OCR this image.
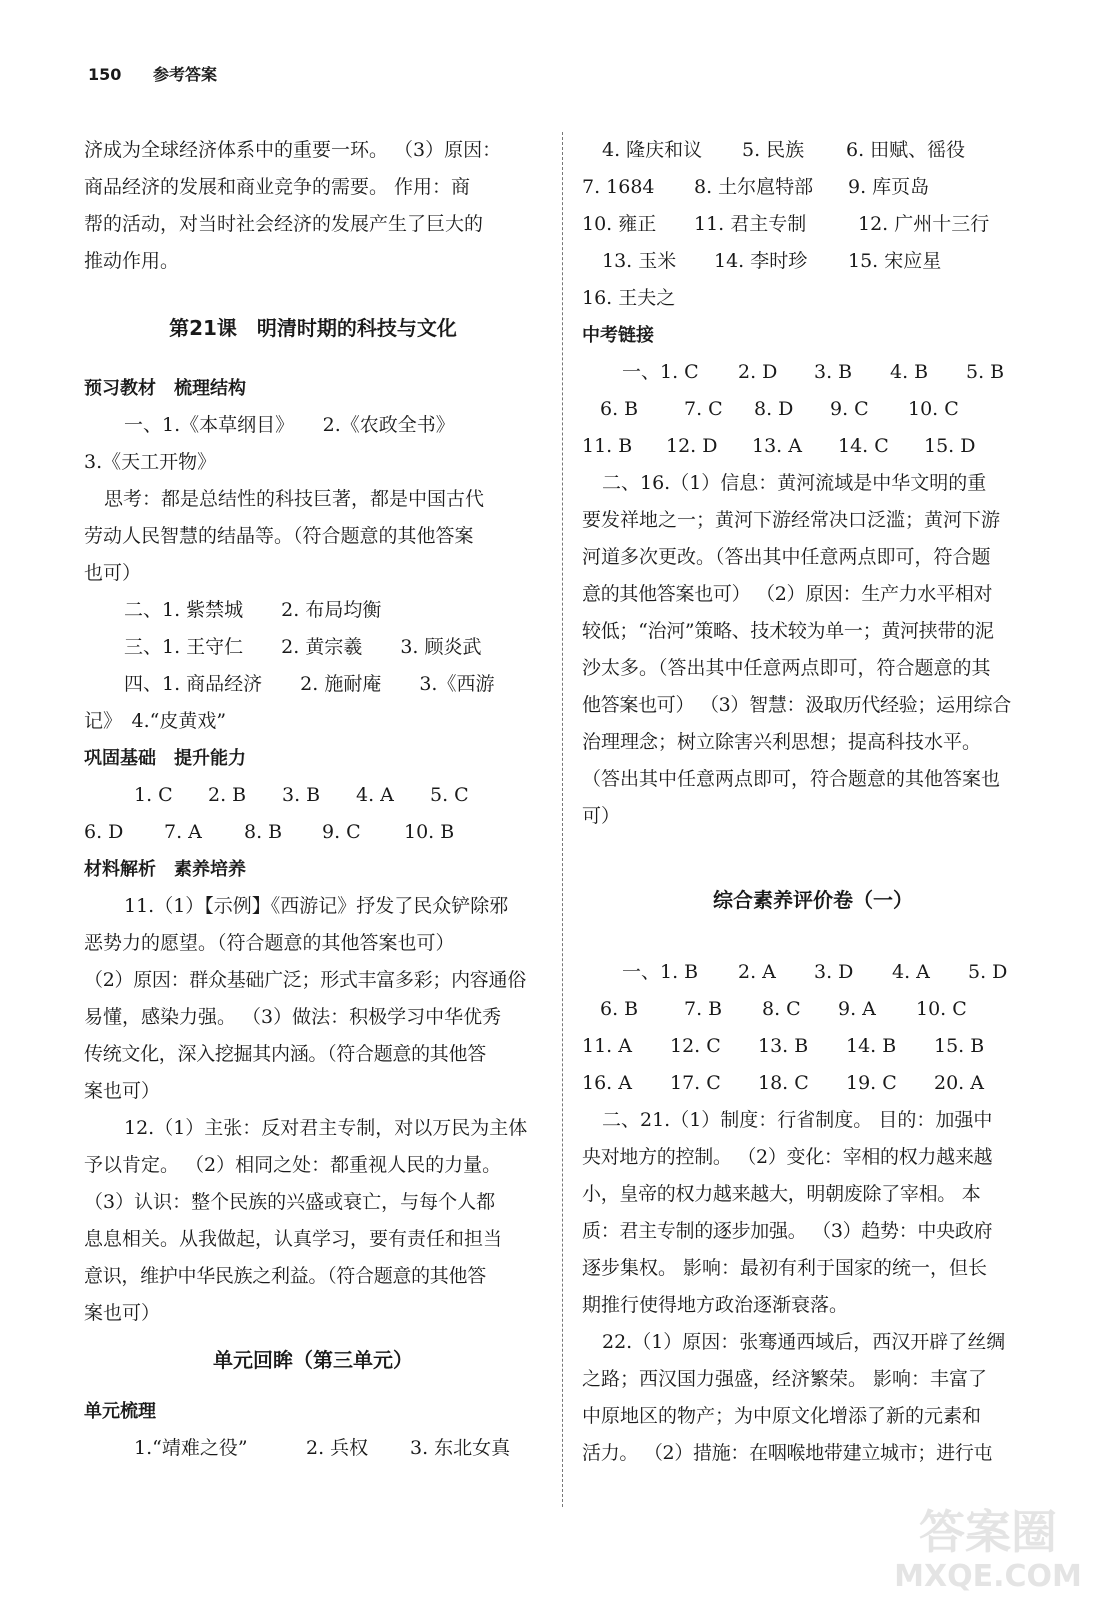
150 参考答案
济成为全球经济体系中的重要一环。 （3）原因：
商品经济的发展和商业竞争的需要。 作用：商
帮的活动，对当时社会经济的发展产生了巨大的
推动作用。
第21课　明清时期的科技与文化
预习教材　梳理结构
一、1.《本草纲目》　　2.《农政全书》
3.《天工开物》
思考：都是总结性的科技巨著，都是中国古代
劳动人民智慧的结晶等。（符合题意的其他答案
也可）
二、1. 紫禁城　　2. 布局均衡
三、1. 王守仁　　2. 黄宗羲　　3. 顾炎武
四、1. 商品经济　　2. 施耐庵　　3.《西游
记》　4.“皮黄戏”
巩固基础　提升能力
1. C 2. B 3. B 4. A 5. C
6. D 7. A 8. B 9. C 10. B
材料解析　素养培养
11.（1）【示例】《西游记》抒发了民众铲除邪
恶势力的愿望。（符合题意的其他答案也可）
（2）原因：群众基础广泛；形式丰富多彩；内容通俗
易懂，感染力强。 （3）做法：积极学习中华优秀
传统文化，深入挖掘其内涵。（符合题意的其他答
案也可）
12.（1）主张：反对君主专制，对以万民为主体
予以肯定。 （2）相同之处：都重视人民的力量。
（3）认识：整个民族的兴盛或衰亡，与每个人都
息息相关。从我做起，认真学习，要有责任和担当
意识，维护中华民族之利益。（符合题意的其他答
案也可）
单元回眸（第三单元）
单元梳理
1.“靖难之役”	2. 兵权 3. 东北女真
4. 隆庆和议 5. 民族 6. 田赋、徭役
7. 1684 8. 土尔扈特部 9. 库页岛
10. 雍正 11. 君主专制	12. 广州十三行
13. 玉米 14. 李时珍 15. 宋应星
16. 王夫之
中考链接
一、1. C 2. D 3. B 4. B 5. B
6. B 7. C 8. D 9. C 10. C
11. B 12. D 13. A 14. C 15. D
二、16.（1）信息：黄河流域是中华文明的重
要发祥地之一；黄河下游经常决口泛滥；黄河下游
河道多次更改。（答出其中任意两点即可，符合题
意的其他答案也可） （2）原因：生产力水平相对
较低；“治河”策略、技术较为单一；黄河挟带的泥
沙太多。（答出其中任意两点即可，符合题意的其
他答案也可） （3）智慧：汲取历代经验；运用综合
治理理念；树立除害兴利思想；提高科技水平。
（答出其中任意两点即可，符合题意的其他答案也
可）
综合素养评价卷（一）
一、1. B 2. A 3. D 4. A 5. D
6. B 7. B 8. C 9. A 10. C
11. A 12. C 13. B 14. B 15. B
16. A 17. C 18. C 19. C 20. A
二、21.（1）制度：行省制度。 目的：加强中
央对地方的控制。 （2）变化：宰相的权力越来越
小，皇帝的权力越来越大，明朝废除了宰相。 本
质：君主专制的逐步加强。 （3）趋势：中央政府
逐步集权。 影响：最初有利于国家的统一，但长
期推行使得地方政治逐渐衰落。
22.（1）原因：张骞通西域后，西汉开辟了丝绸
之路；西汉国力强盛，经济繁荣。 影响：丰富了
中原地区的物产；为中原文化增添了新的元素和
活力。 （2）措施：在咽喉地带建立城市；进行屯
答案圈
MXQE.COM
